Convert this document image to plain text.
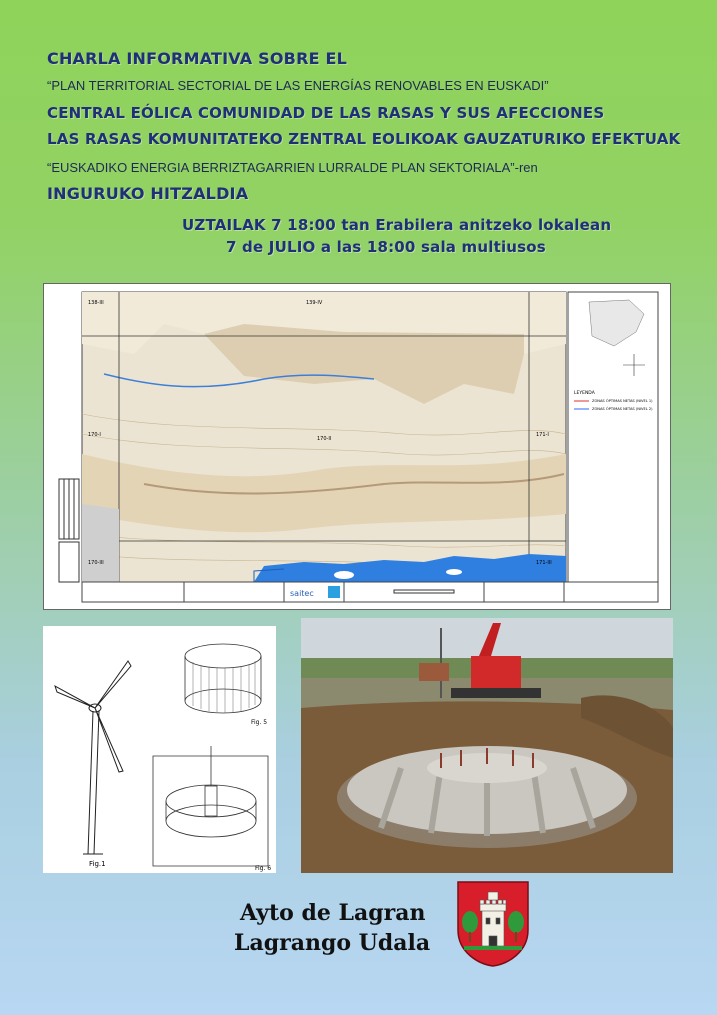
CHARLA INFORMATIVA SOBRE EL
“PLAN TERRITORIAL SECTORIAL DE LAS ENERGÍAS RENOVABLES EN EUSKADI”
CENTRAL EÓLICA COMUNIDAD DE LAS RASAS Y SUS AFECCIONES
LAS RASAS KOMUNITATEKO ZENTRAL EOLIKOAK GAUZATURIKO EFEKTUAK
“EUSKADIKO ENERGIA BERRIZTAGARRIEN LURRALDE PLAN SEKTORIALA”-ren
INGURUKO HITZALDIA
UZTAILAK 7 18:00 tan Erabilera anitzeko lokalean
7 de JULIO a las 18:00 sala multiusos
138-III	139-IV
170-I
170-II
171-I
170-III	171-III
LEYENDA
ZONAS ÓPTIMAS NETAS (NIVEL 1)
ZONAS ÓPTIMAS NETAS (NIVEL 2)
saitec
Fig.1
Fig. 5
Fig. 6
Ayto de Lagran
Lagrango Udala
